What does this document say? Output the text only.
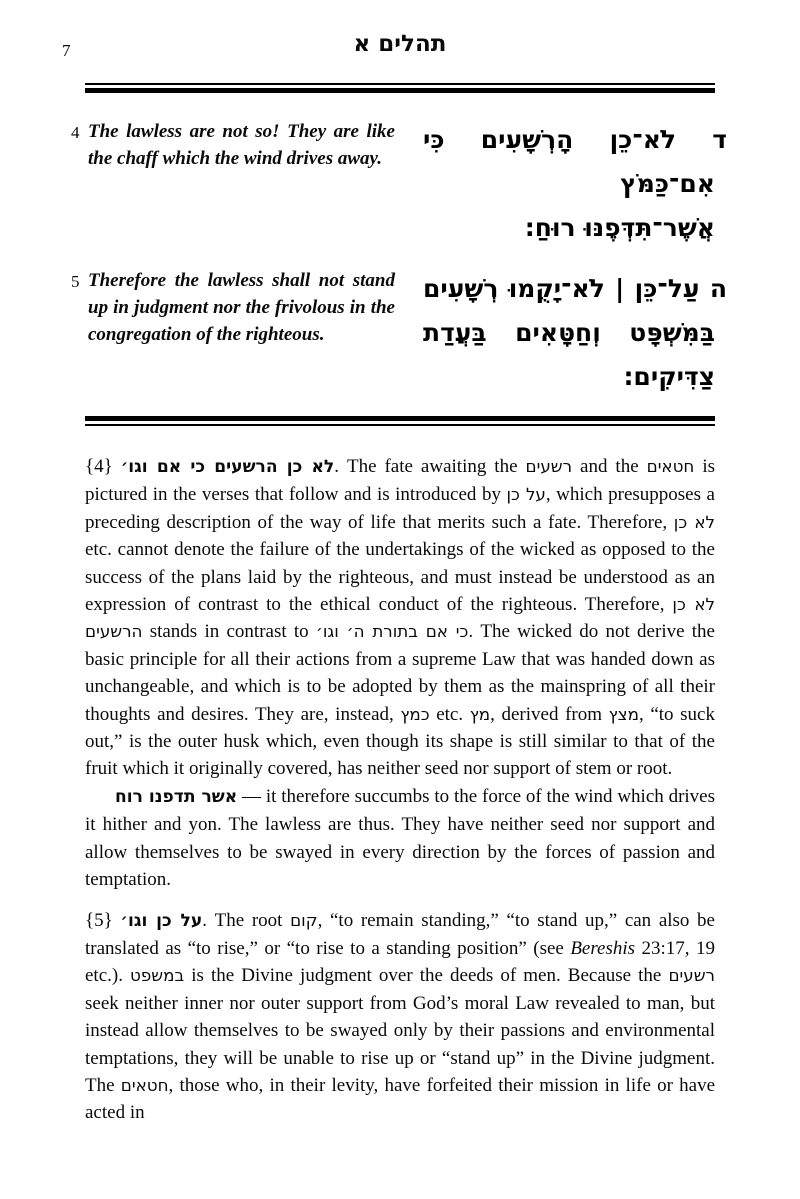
7	תהלים א
4 The lawless are not so! They are like the chaff which the wind drives away.
ד לֹא־כֵן הָרְשָׁעִים כִּי אִם־כַּמֹּץ
אֲשֶׁר־תִּדְּפֶנּוּ רוּחַ:
5 Therefore the lawless shall not stand up in judgment nor the frivolous in the congregation of the righteous.
ה עַל־כֵּן | לֹא־יָקֻמוּ רְשָׁעִים
בַּמִּשְׁפָּט וְחַטָּאִים בַּעֲדַת צַדִּיקִים:

{4} לא כן הרשעים כי אם וגו׳. The fate awaiting the רשעים and the חטאים is pictured in the verses that follow and is introduced by על כן, which presupposes a preceding description of the way of life that merits such a fate. Therefore, לא כן etc. cannot denote the failure of the undertakings of the wicked as opposed to the success of the plans laid by the righteous, and must instead be understood as an expression of contrast to the ethical conduct of the righteous. Therefore, לא כן הרשעים stands in contrast to כי אם בתורת ה׳ וגו׳. The wicked do not derive the basic principle for all their actions from a supreme Law that was handed down as unchangeable, and which is to be adopted by them as the mainspring of all their thoughts and desires. They are, instead, כמץ etc. מץ, derived from מצץ, “to suck out,” is the outer husk which, even though its shape is still similar to that of the fruit which it originally covered, has neither seed nor support of stem or root.

אשר תדפנו רוח — it therefore succumbs to the force of the wind which drives it hither and yon. The lawless are thus. They have neither seed nor support and allow themselves to be swayed in every direction by the forces of passion and temptation.

{5} על כן וגו׳. The root קום, “to remain standing,” “to stand up,” can also be translated as “to rise,” or “to rise to a standing position” (see Bereshis 23:17, 19 etc.). במשפט is the Divine judgment over the deeds of men. Because the רשעים seek neither inner nor outer support from God’s moral Law revealed to man, but instead allow themselves to be swayed only by their passions and environmental temptations, they will be unable to rise up or “stand up” in the Divine judgment. The חטאים, those who, in their levity, have forfeited their mission in life or have acted in
